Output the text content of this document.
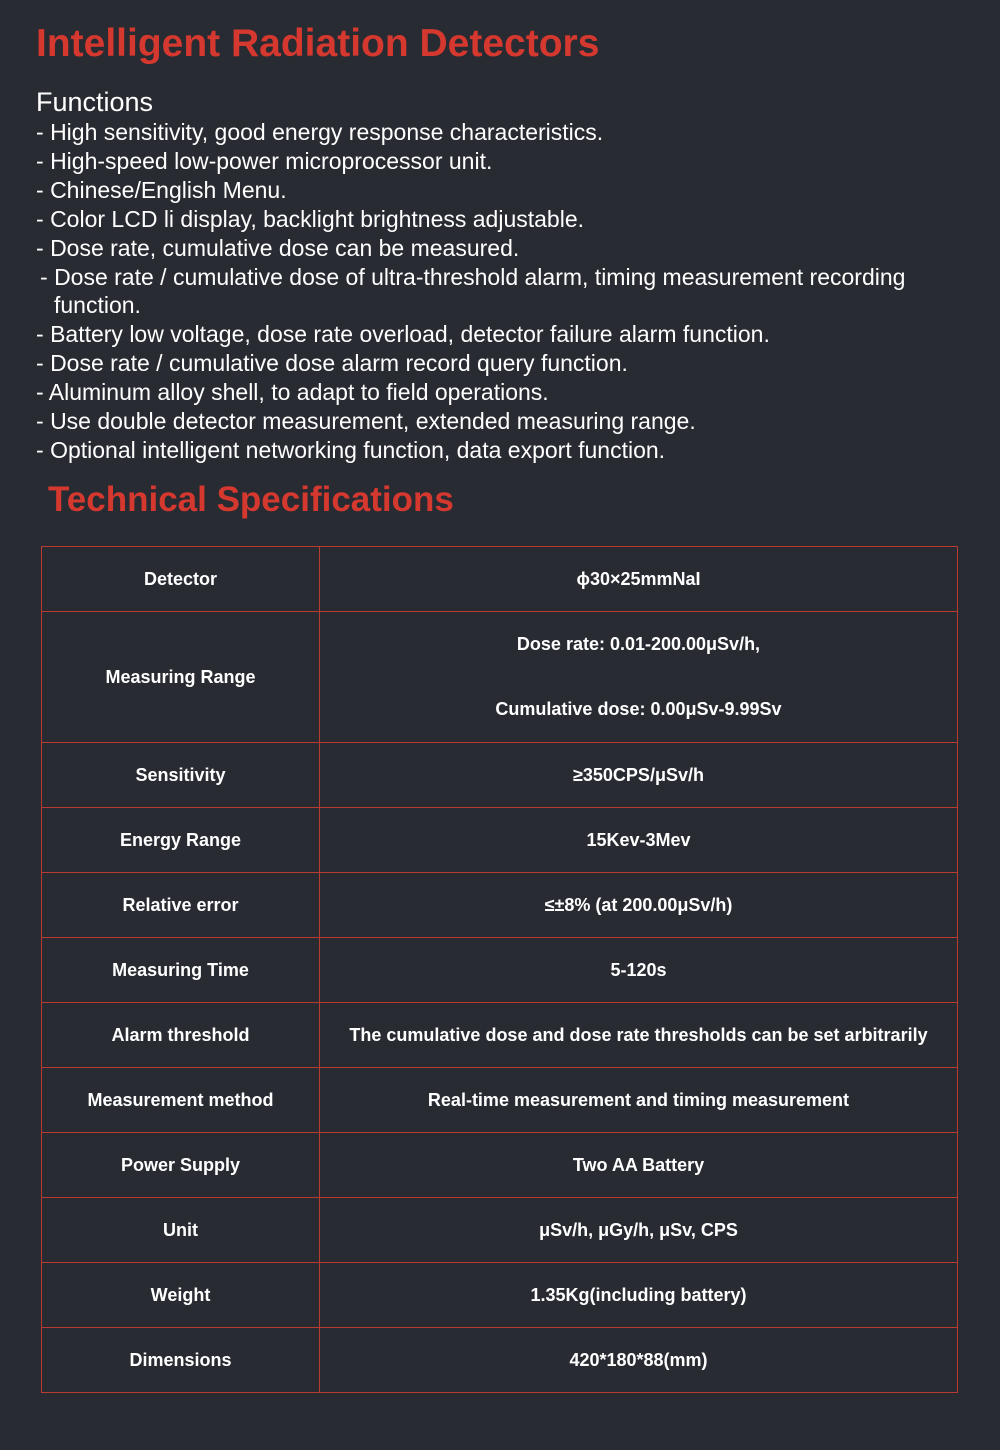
Intelligent Radiation Detectors
Functions
- High sensitivity, good energy response characteristics.
- High-speed low-power microprocessor unit.
- Chinese/English Menu.
- Color LCD li display, backlight brightness adjustable.
- Dose rate, cumulative dose can be measured.
- Dose rate / cumulative dose of ultra-threshold alarm, timing measurement recording function.
- Battery low voltage, dose rate overload, detector failure alarm function.
- Dose rate / cumulative dose alarm record query function.
- Aluminum alloy shell, to adapt to field operations.
- Use double detector measurement, extended measuring range.
- Optional intelligent networking function, data export function.
Technical Specifications
Detector	ϕ30×25mmNaI
Measuring Range	Dose rate: 0.01-200.00μSv/h,
Cumulative dose: 0.00μSv-9.99Sv

Sensitivity	≥350CPS/μSv/h
Energy Range	15Kev-3Mev
Relative error	≤±8% (at 200.00μSv/h)
Measuring Time	5-120s
Alarm threshold	The cumulative dose and dose rate thresholds can be set arbitrarily
Measurement method	Real-time measurement and timing measurement
Power Supply	Two AA Battery
Unit	μSv/h, μGy/h, μSv, CPS
Weight	1.35Kg(including battery)
Dimensions	420*180*88(mm)
